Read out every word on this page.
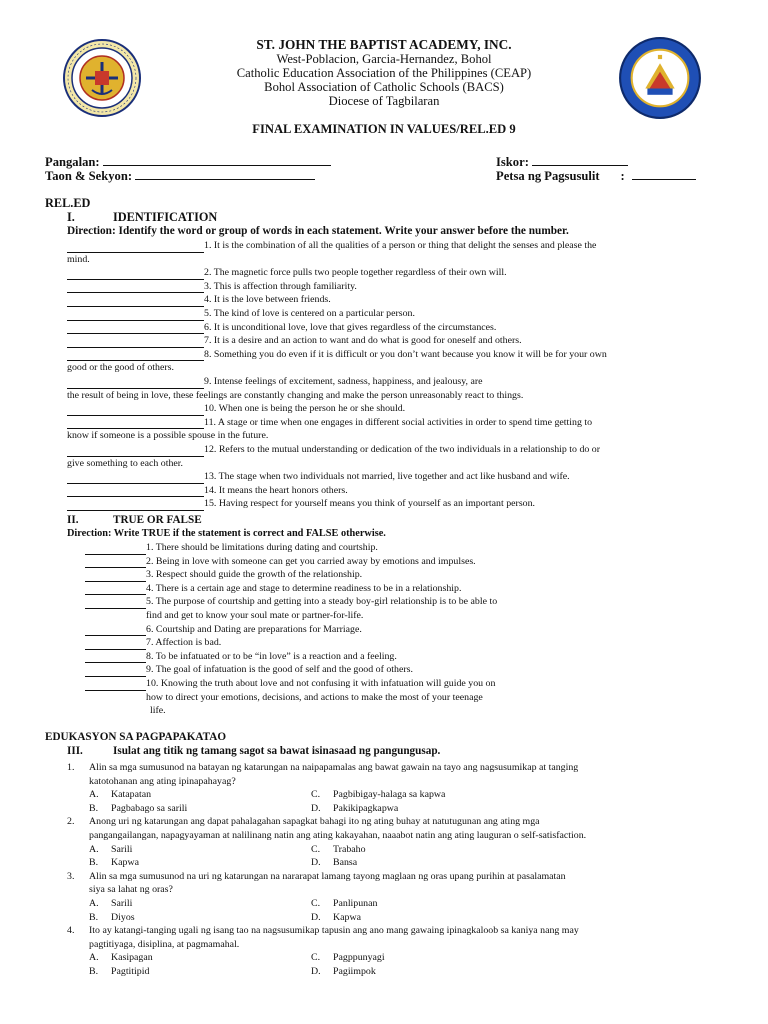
ST. JOHN THE BAPTIST ACADEMY, INC.
West-Poblacion, Garcia-Hernandez, Bohol
Catholic Education Association of the Philippines (CEAP)
Bohol Association of Catholic Schools (BACS)
Diocese of Tagbilaran
FINAL EXAMINATION IN VALUES/REL.ED 9
Pangalan:	Iskor:
Taon & Sekyon:	Petsa ng Pagsusulit :
REL.ED
I.	IDENTIFICATION
Direction: Identify the word or group of words in each statement. Write your answer before the number.
1. It is the combination of all the qualities of a person or thing that delight the senses and please the
mind.
2. The magnetic force pulls two people together regardless of their own will.
3. This is affection through familiarity.
4. It is the love between friends.
5. The kind of love is centered on a particular person.
6. It is unconditional love, love that gives regardless of the circumstances.
7. It is a desire and an action to want and do what is good for oneself and others.
8. Something you do even if it is difficult or you don’t want because you know it will be for your own
good or the good of others.
9. Intense feelings of excitement, sadness, happiness, and jealousy, are
the result of being in love, these feelings are constantly changing and make the person unreasonably react to things.
10. When one is being the person he or she should.
11. A stage or time when one engages in different social activities in order to spend time getting to
know if someone is a possible spouse in the future.
12. Refers to the mutual understanding or dedication of the two individuals in a relationship to do or
give something to each other.
13. The stage when two individuals not married, live together and act like husband and wife.
14. It means the heart honors others.
15. Having respect for yourself means you think of yourself as an important person.
II.	TRUE OR FALSE
Direction: Write TRUE if the statement is correct and FALSE otherwise.
1. There should be limitations during dating and courtship.
2. Being in love with someone can get you carried away by emotions and impulses.
3. Respect should guide the growth of the relationship.
4. There is a certain age and stage to determine readiness to be in a relationship.
5. The purpose of courtship and getting into a steady boy-girl relationship is to be able to
find and get to know your soul mate or partner-for-life.
6. Courtship and Dating are preparations for Marriage.
7. Affection is bad.
8. To be infatuated or to be “in love” is a reaction and a feeling.
9. The goal of infatuation is the good of self and the good of others.
10. Knowing the truth about love and not confusing it with infatuation will guide you on
how to direct your emotions, decisions, and actions to make the most of your teenage
life.
EDUKASYON SA PAGPAPAKATAO
III.	Isulat ang titik ng tamang sagot sa bawat isinasaad ng pangungusap.
1.	Alin sa mga sumusunod na batayan ng katarungan na naipapamalas ang bawat gawain na tayo ang nagsusumikap at tanging
katotohanan ang ating ipinapahayag?
A.	Katapatan	C.	Pagbibigay-halaga sa kapwa
B.	Pagbabago sa sarili	D.	Pakikipagkapwa
2.	Anong uri ng katarungan ang dapat pahalagahan sapagkat bahagi ito ng ating buhay at natutugunan ang ating mga
pangangailangan, napagyayaman at nalilinang natin ang ating kakayahan, naaabot natin ang ating lauguran o self-satisfaction.
A.	Sarili	C.	Trabaho
B.	Kapwa	D.	Bansa
3.	Alin sa mga sumusunod na uri ng katarungan na nararapat lamang tayong maglaan ng oras upang purihin at pasalamatan
siya sa lahat ng oras?
A.	Sarili	C.	Panlipunan
B.	Diyos	D.	Kapwa
4.	Ito ay katangi-tanging ugali ng isang tao na nagsusumikap tapusin ang ano mang gawaing ipinagkaloob sa kaniya nang may
pagtitiyaga, disiplina, at pagmamahal.
A.	Kasipagan	C.	Pagppunyagi
B.	Pagtitipid	D.	Pagiimpok
